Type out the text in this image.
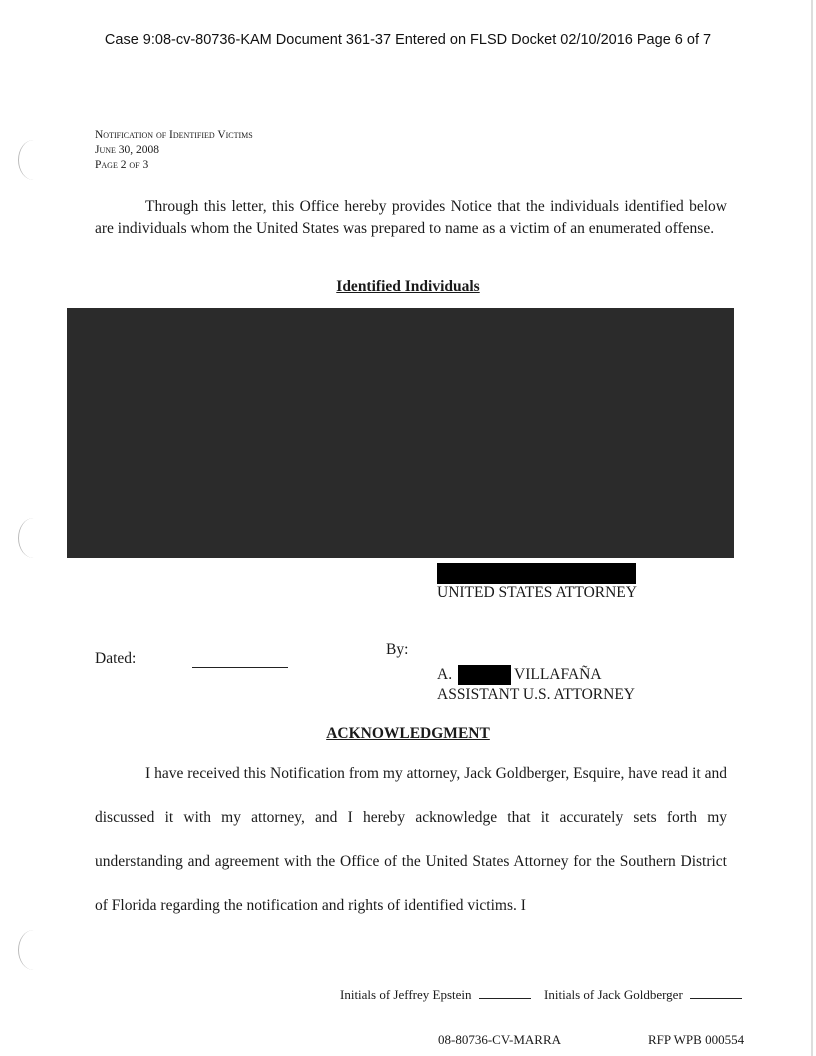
Case 9:08-cv-80736-KAM Document 361-37 Entered on FLSD Docket 02/10/2016 Page 6 of 7
Notification of Identified Victims
June 30, 2008
Page 2 of 3
Through this letter, this Office hereby provides Notice that the individuals identified below are individuals whom the United States was prepared to name as a victim of an enumerated offense.
Identified Individuals
UNITED STATES ATTORNEY
Dated:
By:
A.	VILLAFAÑA
ASSISTANT U.S. ATTORNEY
ACKNOWLEDGMENT
I have received this Notification from my attorney, Jack Goldberger, Esquire, have read it and discussed it with my attorney, and I hereby acknowledge that it accurately sets forth my understanding and agreement with the Office of the United States Attorney for the Southern District of Florida regarding the notification and rights of identified victims. I
Initials of Jeffrey Epstein	Initials of Jack Goldberger
08-80736-CV-MARRA	RFP WPB 000554
